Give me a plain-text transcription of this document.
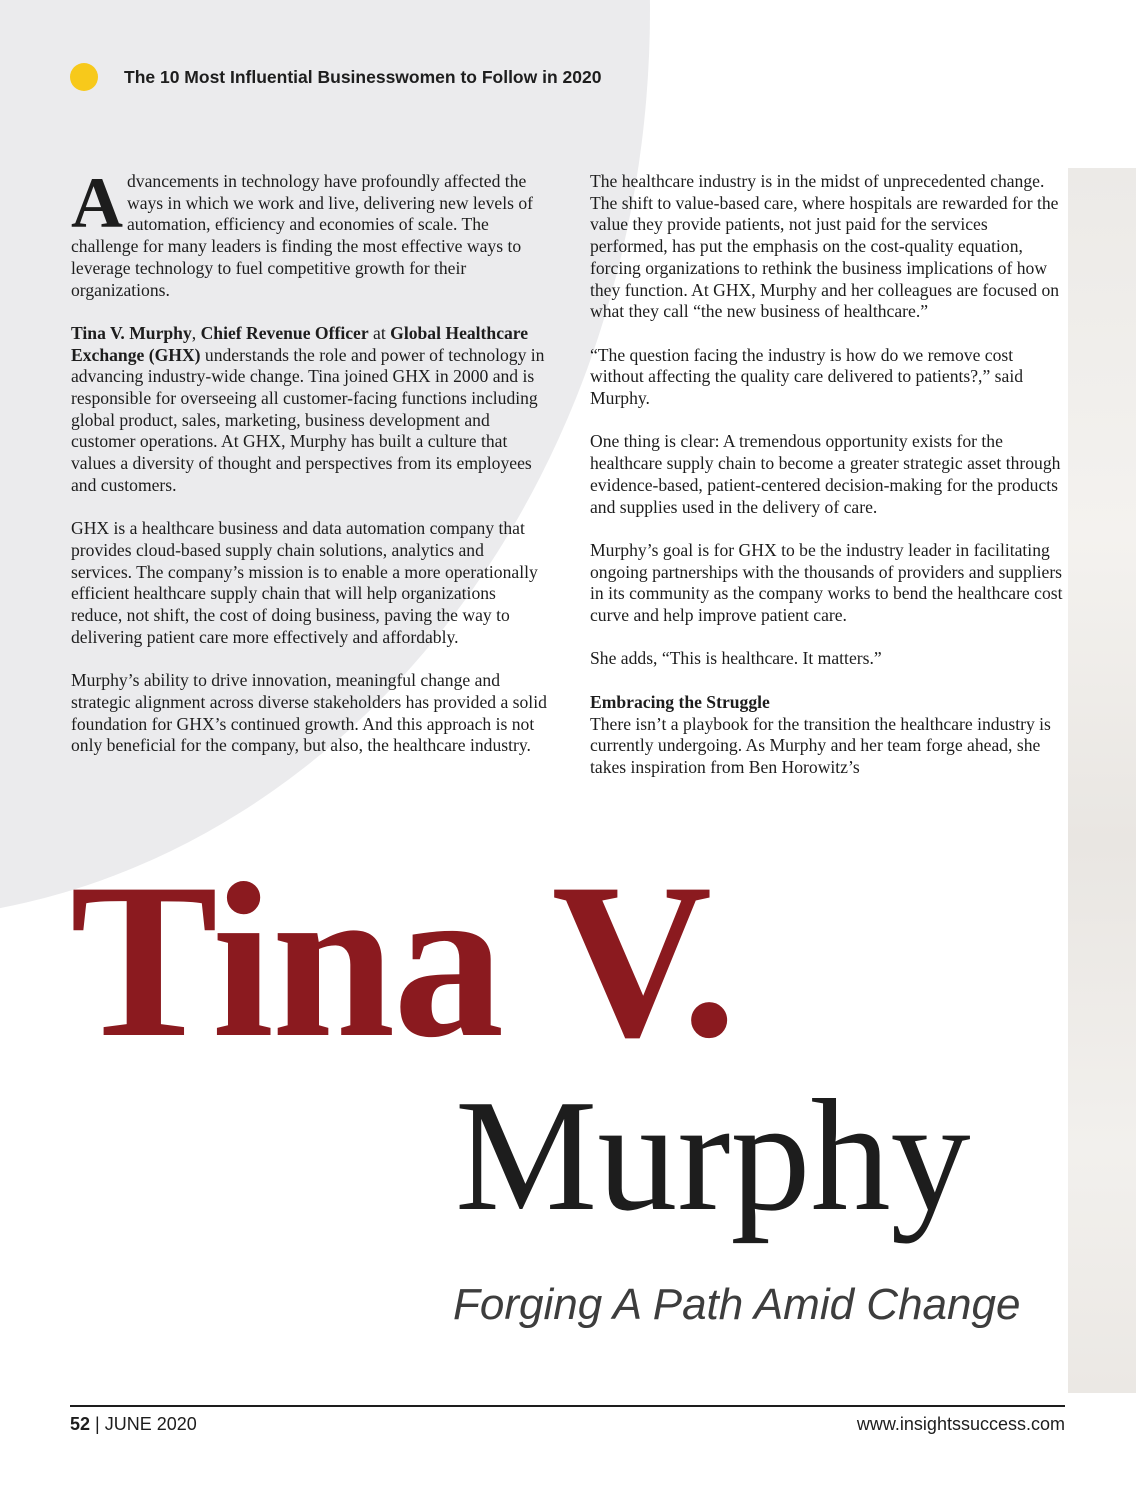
The 10 Most Influential Businesswomen to Follow in 2020

Advancements in technology have profoundly affected the ways in which we work and live, delivering new levels of automation, efficiency and economies of scale. The challenge for many leaders is finding the most effective ways to leverage technology to fuel competitive growth for their organizations.

Tina V. Murphy, Chief Revenue Officer at Global Healthcare Exchange (GHX) understands the role and power of technology in advancing industry-wide change. Tina joined GHX in 2000 and is responsible for overseeing all customer-facing functions including global product, sales, marketing, business development and customer operations. At GHX, Murphy has built a culture that values a diversity of thought and perspectives from its employees and customers.

GHX is a healthcare business and data automation company that provides cloud-based supply chain solutions, analytics and services. The company’s mission is to enable a more operationally efficient healthcare supply chain that will help organizations reduce, not shift, the cost of doing business, paving the way to delivering patient care more effectively and affordably.

Murphy’s ability to drive innovation, meaningful change and strategic alignment across diverse stakeholders has provided a solid foundation for GHX’s continued growth. And this approach is not only beneficial for the company, but also, the healthcare industry.

The healthcare industry is in the midst of unprecedented change. The shift to value-based care, where hospitals are rewarded for the value they provide patients, not just paid for the services performed, has put the emphasis on the cost-quality equation, forcing organizations to rethink the business implications of how they function. At GHX, Murphy and her colleagues are focused on what they call “the new business of healthcare.”

“The question facing the industry is how do we remove cost without affecting the quality care delivered to patients?,” said Murphy.

One thing is clear: A tremendous opportunity exists for the healthcare supply chain to become a greater strategic asset through evidence-based, patient-centered decision-making for the products and supplies used in the delivery of care.

Murphy’s goal is for GHX to be the industry leader in facilitating ongoing partnerships with the thousands of providers and suppliers in its community as the company works to bend the healthcare cost curve and help improve patient care.

She adds, “This is healthcare. It matters.”

Embracing the Struggle
There isn’t a playbook for the transition the healthcare industry is currently undergoing. As Murphy and her team forge ahead, she takes inspiration from Ben Horowitz’s

Tina V.
Murphy
Forging A Path Amid Change
52 | JUNE 2020	www.insightssuccess.com
